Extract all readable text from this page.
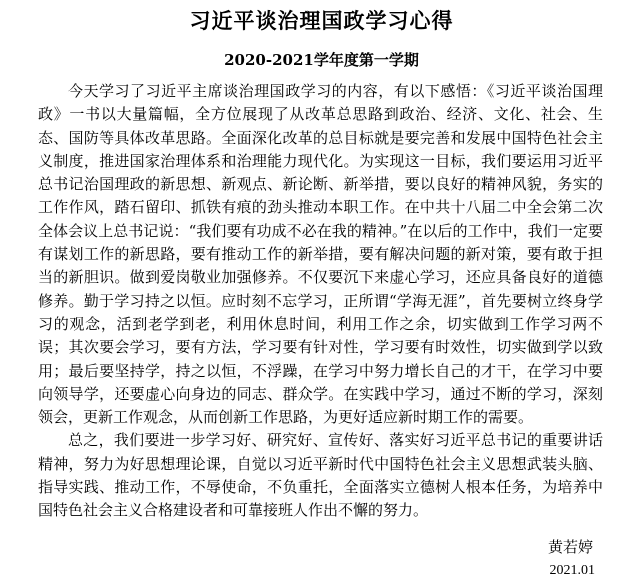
习近平谈治理国政学习心得
2020-2021学年度第一学期

今天学习了习近平主席谈治理国政学习的内容，有以下感悟：《习近平谈治国理政》一书以大量篇幅，全方位展现了从改革总思路到政治、经济、文化、社会、生态、国防等具体改革思路。全面深化改革的总目标就是要完善和发展中国特色社会主义制度，推进国家治理体系和治理能力现代化。为实现这一目标，我们要运用习近平总书记治国理政的新思想、新观点、新论断、新举措，要以良好的精神风貌，务实的工作作风，踏石留印、抓铁有痕的劲头推动本职工作。在中共十八届二中全会第二次全体会议上总书记说：“我们要有功成不必在我的精神。”在以后的工作中，我们一定要有谋划工作的新思路，要有推动工作的新举措，要有解决问题的新对策，要有敢于担当的新胆识。做到爱岗敬业加强修养。不仅要沉下来虚心学习，还应具备良好的道德修养。勤于学习持之以恒。应时刻不忘学习，正所谓“学海无涯”，首先要树立终身学习的观念，活到老学到老，利用休息时间，利用工作之余，切实做到工作学习两不误；其次要会学习，要有方法，学习要有针对性，学习要有时效性，切实做到学以致用；最后要坚持学，持之以恒，不浮躁，在学习中努力增长自己的才干，在学习中要向领导学，还要虚心向身边的同志、群众学。在实践中学习，通过不断的学习，深刻领会，更新工作观念，从而创新工作思路，为更好适应新时期工作的需要。

总之，我们要进一步学习好、研究好、宣传好、落实好习近平总书记的重要讲话精神，努力为好思想理论课，自觉以习近平新时代中国特色社会主义思想武装头脑、指导实践、推动工作，不辱使命，不负重托，全面落实立德树人根本任务，为培养中国特色社会主义合格建设者和可靠接班人作出不懈的努力。

黄若婷
2021.01
